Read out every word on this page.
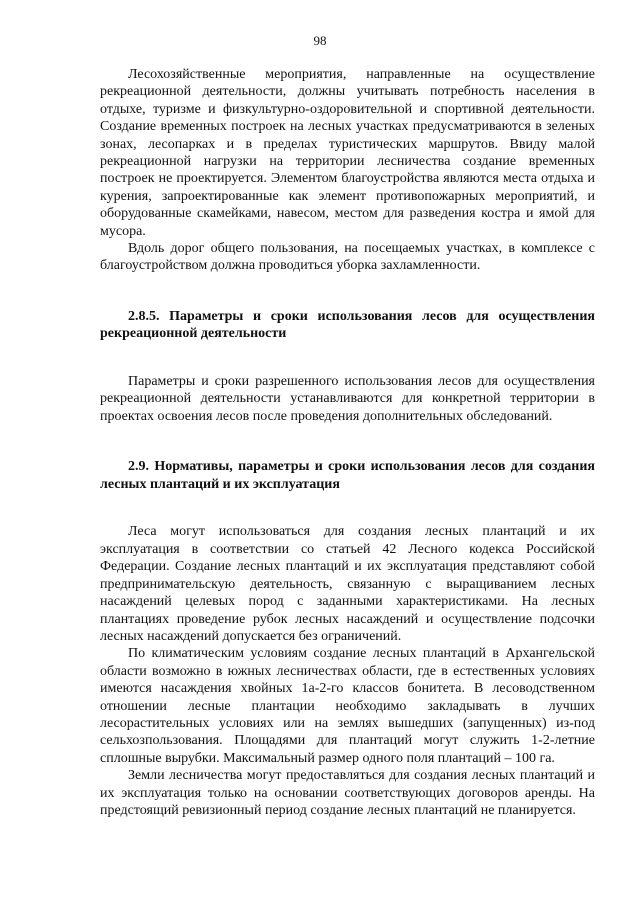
98

Лесохозяйственные мероприятия, направленные на осуществление рекреационной деятельности, должны учитывать потребность населения в отдыхе, туризме и физкультурно-оздоровительной и спортивной деятельности. Создание временных построек на лесных участках предусматриваются в зеленых зонах, лесопарках и в пределах туристических маршрутов. Ввиду малой рекреационной нагрузки на территории лесничества создание временных построек не проектируется. Элементом благоустройства являются места отдыха и курения, запроектированные как элемент противопожарных мероприятий, и оборудованные скамейками, навесом, местом для разведения костра и ямой для мусора.

Вдоль дорог общего пользования, на посещаемых участках, в комплексе с благоустройством должна проводиться уборка захламленности.

2.8.5. Параметры и сроки использования лесов для осуществления рекреационной деятельности

Параметры и сроки разрешенного использования лесов для осуществления рекреационной деятельности устанавливаются для конкретной территории в проектах освоения лесов после проведения дополнительных обследований.

2.9. Нормативы, параметры и сроки использования лесов для создания лесных плантаций и их эксплуатация

Леса могут использоваться для создания лесных плантаций и их эксплуатация в соответствии со статьей 42 Лесного кодекса Российской Федерации. Создание лесных плантаций и их эксплуатация представляют собой предпринимательскую деятельность, связанную с выращиванием лесных насаждений целевых пород с заданными характеристиками. На лесных плантациях проведение рубок лесных насаждений и осуществление подсочки лесных насаждений допускается без ограничений.

По климатическим условиям создание лесных плантаций в Архангельской области возможно в южных лесничествах области, где в естественных условиях имеются насаждения хвойных 1а-2-го классов бонитета. В лесоводственном отношении лесные плантации необходимо закладывать в лучших лесорастительных условиях или на землях вышедших (запущенных) из-под сельхозпользования. Площадями для плантаций могут служить 1-2-летние сплошные вырубки. Максимальный размер одного поля плантаций – 100 га.

Земли лесничества могут предоставляться для создания лесных плантаций и их эксплуатация только на основании соответствующих договоров аренды. На предстоящий ревизионный период создание лесных плантаций не планируется.
